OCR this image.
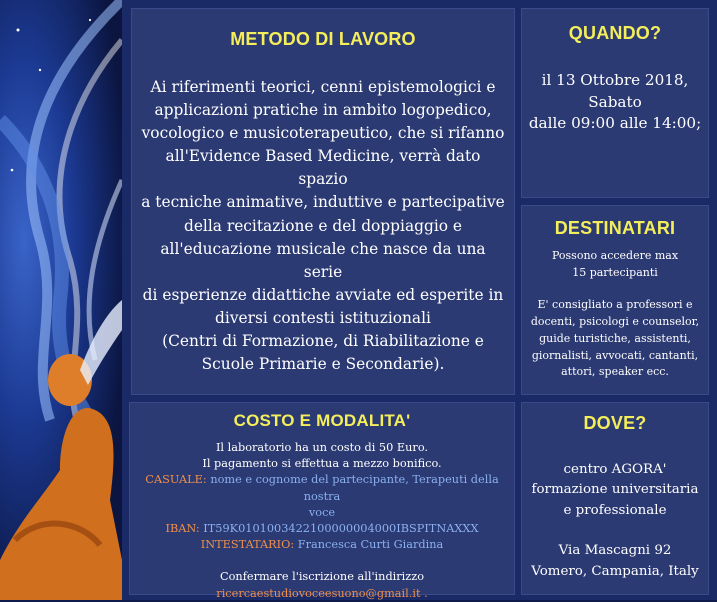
METODO DI LAVORO
Ai riferimenti teorici, cenni epistemologici e
applicazioni pratiche in ambito logopedico,
vocologico e musicoterapeutico, che si rifanno
all'Evidence Based Medicine, verrà dato spazio
a tecniche animative, induttive e partecipative
della recitazione e del doppiaggio e
all'educazione musicale che nasce da una serie
di esperienze didattiche avviate ed esperite in
diversi contesti istituzionali
(Centri di Formazione, di Riabilitazione e
Scuole Primarie e Secondarie).
QUANDO?
il 13 Ottobre 2018,
Sabato
dalle 09:00 alle 14:00;
DESTINATARI
Possono accedere max
15 partecipanti
E' consigliato a professori e
docenti, psicologi e counselor,
guide turistiche, assistenti,
giornalisti, avvocati, cantanti,
attori, speaker ecc.
COSTO E MODALITA'
Il laboratorio ha un costo di 50 Euro.
Il pagamento si effettua a mezzo bonifico.
CASUALE: nome e cognome del partecipante, Terapeuti della nostra
voce
IBAN: IT59K0101003422100000004000IBSPITNAXXX
INTESTATARIO: Francesca Curti Giardina
Confermare l'iscrizione all'indirizzo
ricercaestudiovoceesuono@gmail.it .
DOVE?
centro AGORA'
formazione universitaria
e professionale
Via Mascagni 92
Vomero, Campania, Italy
